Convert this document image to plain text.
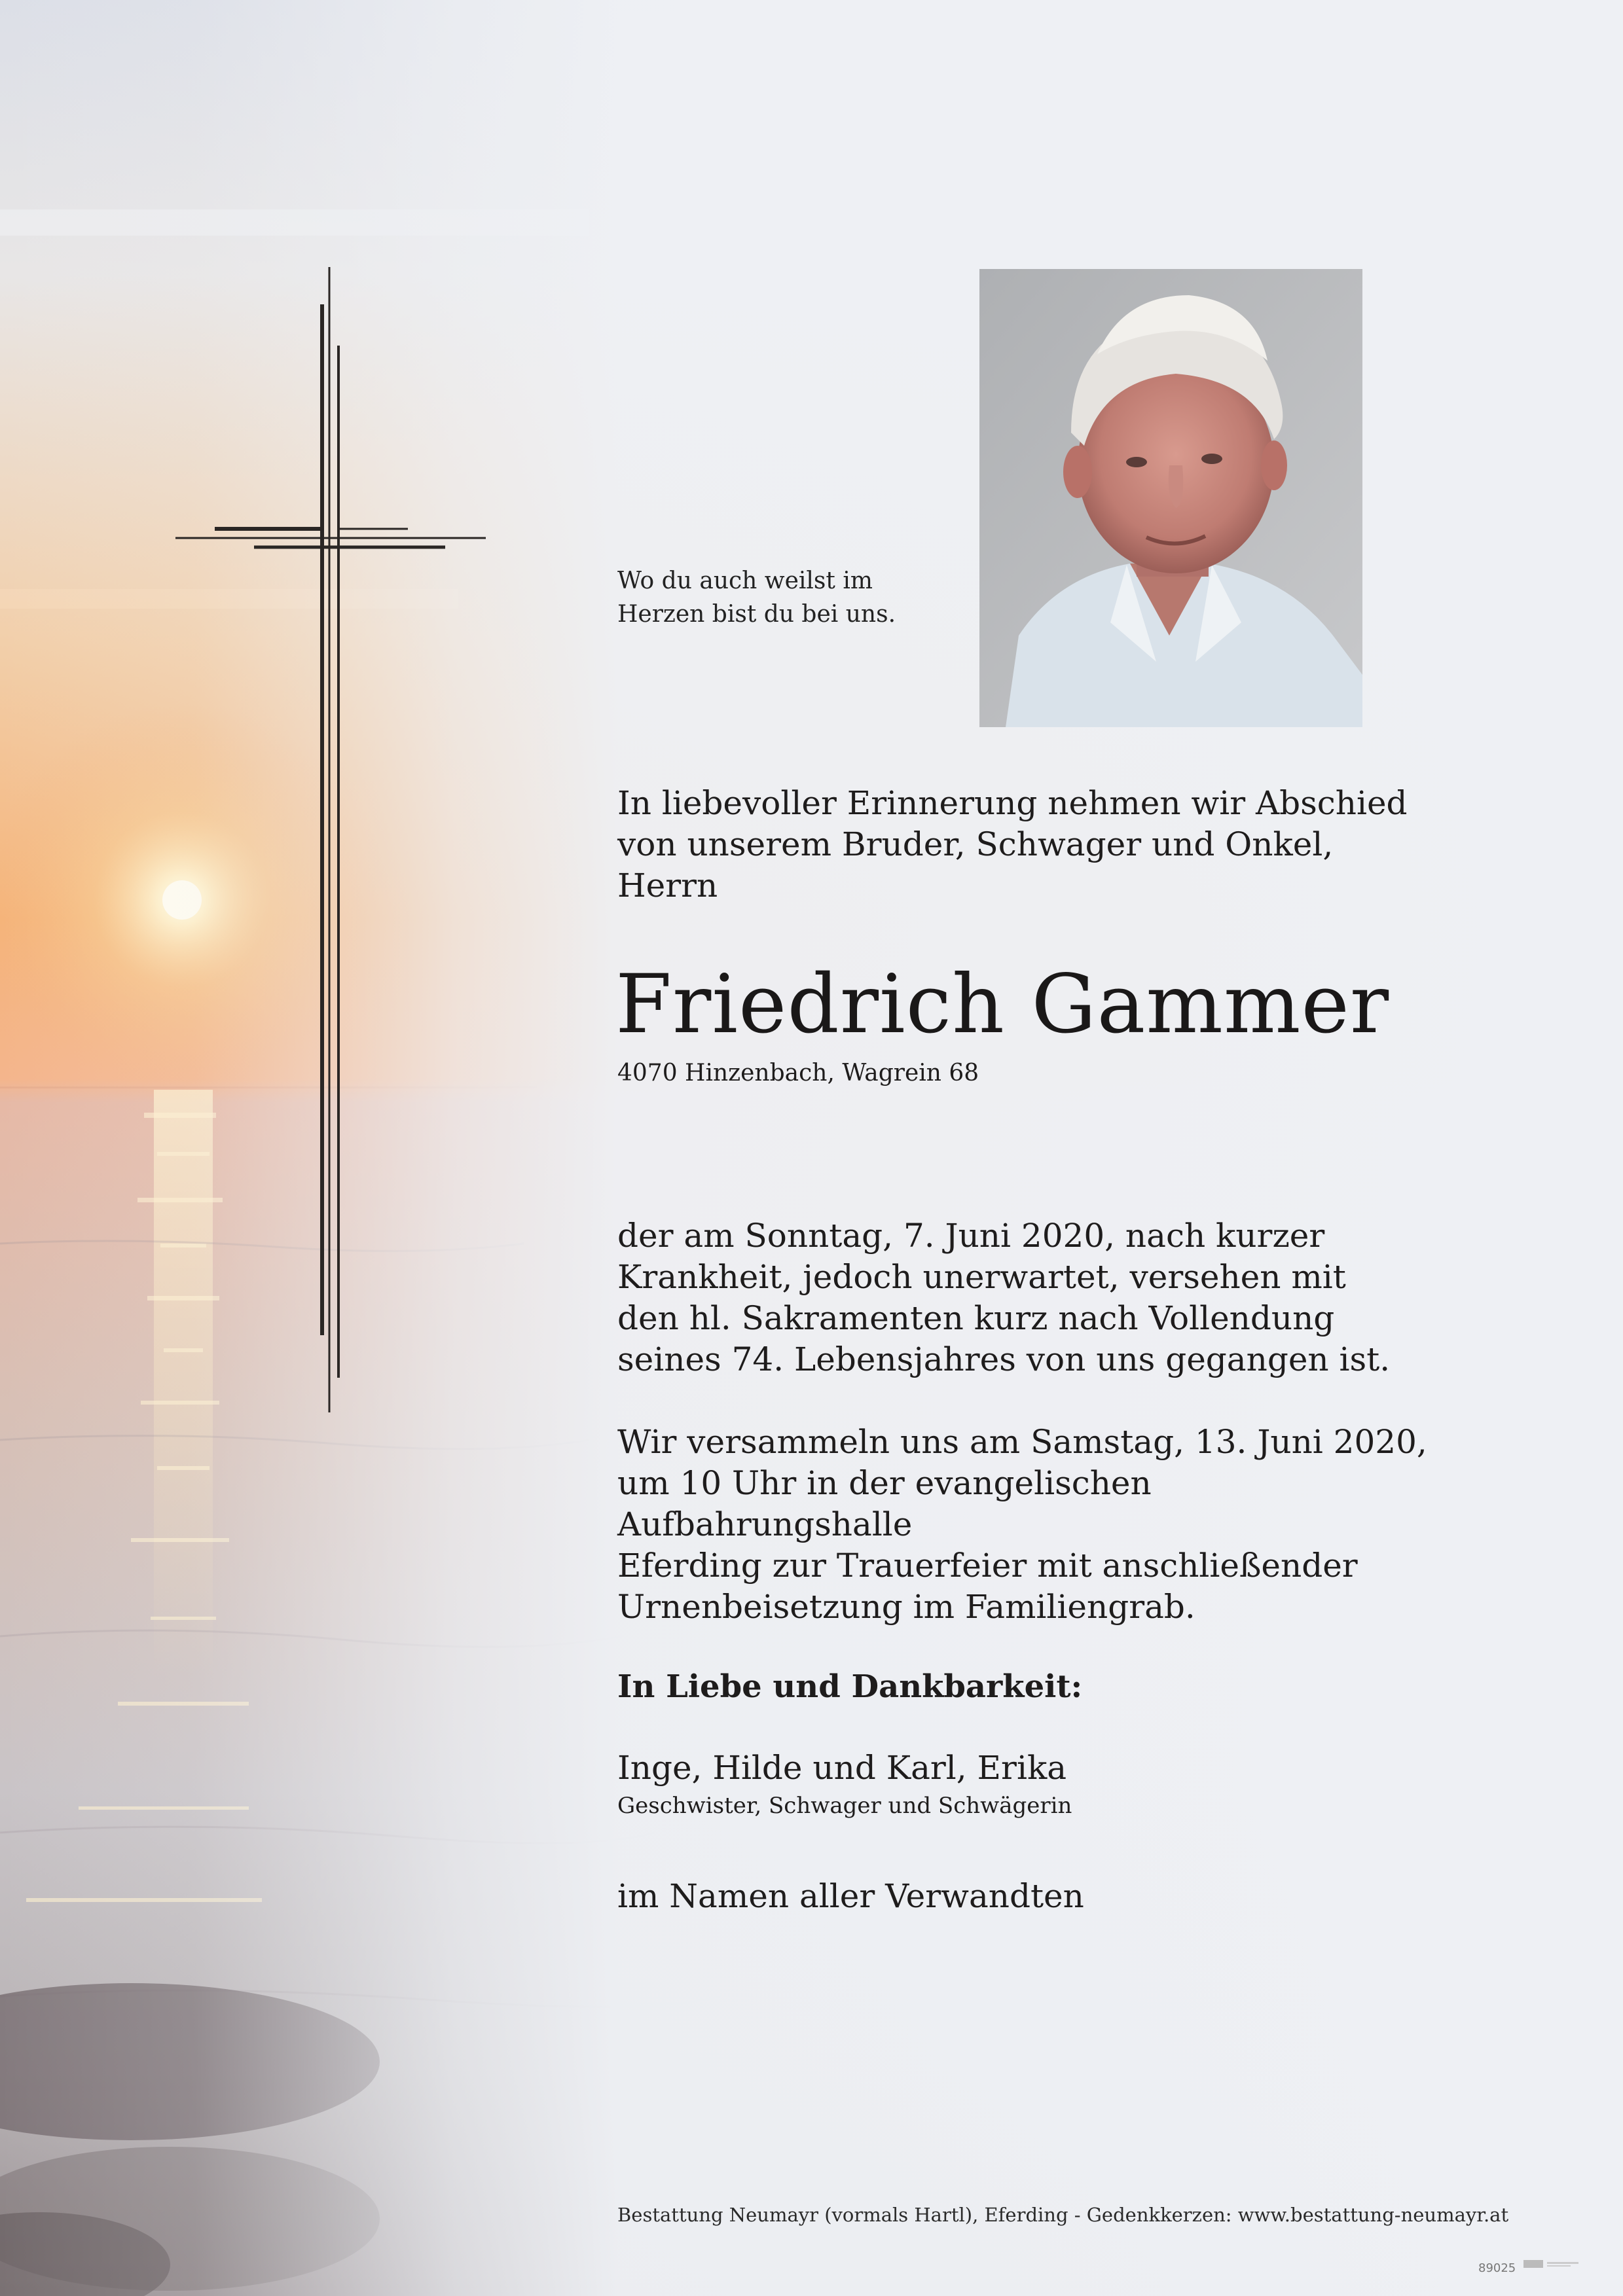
Wo du auch weilst im
Herzen bist du bei uns.
In liebevoller Erinnerung nehmen wir Abschied
von unserem Bruder, Schwager und Onkel,
Herrn
Friedrich Gammer
4070 Hinzenbach, Wagrein 68
der am Sonntag, 7. Juni 2020, nach kurzer
Krankheit, jedoch unerwartet, versehen mit
den hl. Sakramenten kurz nach Vollendung
seines 74. Lebensjahres von uns gegangen ist.
Wir versammeln uns am Samstag, 13. Juni 2020,
um 10 Uhr in der evangelischen Aufbahrungshalle
Eferding zur Trauerfeier mit anschließender
Urnenbeisetzung im Familiengrab.
In Liebe und Dankbarkeit:
Inge, Hilde und Karl, Erika
Geschwister, Schwager und Schwägerin
im Namen aller Verwandten
Bestattung Neumayr (vormals Hartl), Eferding - Gedenkkerzen: www.bestattung-neumayr.at
89025
